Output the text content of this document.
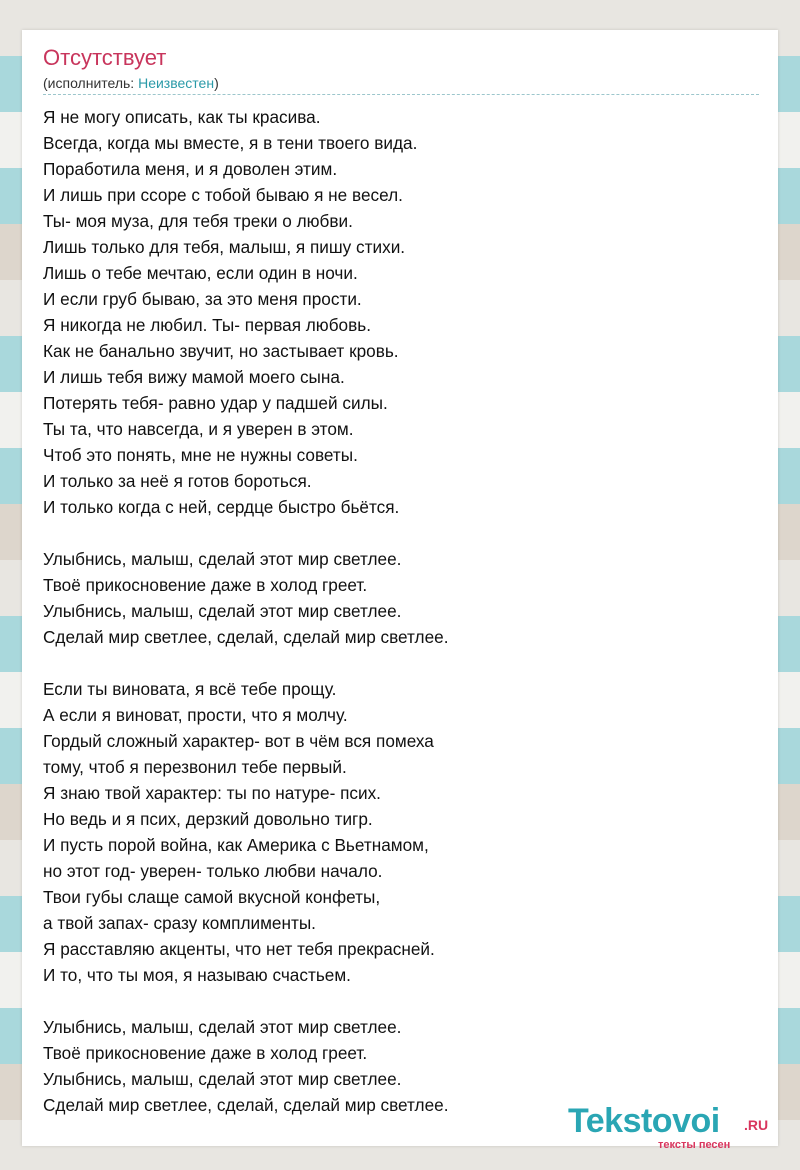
Отсутствует
(исполнитель: Неизвестен)
Я не могу описать, как ты красива.
Всегда, когда мы вместе, я в тени твоего вида.
Поработила меня, и я доволен этим.
И лишь при ссоре с тобой бываю я не весел.
Ты- моя муза, для тебя треки о любви.
Лишь только для тебя, малыш, я пишу стихи.
Лишь о тебе мечтаю, если один в ночи.
И если груб бываю, за это меня прости.
Я никогда не любил. Ты- первая любовь.
Как не банально звучит, но застывает кровь.
И лишь тебя вижу мамой моего сына.
Потерять тебя- равно удар у падшей силы.
Ты та, что навсегда, и я уверен в этом.
Чтоб это понять, мне не нужны советы.
И только за неё я готов бороться.
И только когда с ней, сердце быстро бьётся.
Улыбнись, малыш, сделай этот мир светлее.
Твоё прикосновение даже в холод греет.
Улыбнись, малыш, сделай этот мир светлее.
Сделай мир светлее, сделай, сделай мир светлее.
Если ты виновата, я всё тебе прощу.
А если я виноват, прости, что я молчу.
Гордый сложный характер- вот в чём вся помеха
тому, чтоб я перезвонил тебе первый.
Я знаю твой характер: ты по натуре- псих.
Но ведь и я псих, дерзкий довольно тигр.
И пусть порой война, как Америка с Вьетнамом,
но этот год- уверен- только любви начало.
Твои губы слаще самой вкусной конфеты,
а твой запах- сразу комплименты.
Я расставляю акценты, что нет тебя прекрасней.
И то, что ты моя, я называю счастьем.
Улыбнись, малыш, сделай этот мир светлее.
Твоё прикосновение даже в холод греет.
Улыбнись, малыш, сделай этот мир светлее.
Сделай мир светлее, сделай, сделай мир светлее.	Tekstovoi .RU
тексты песен
